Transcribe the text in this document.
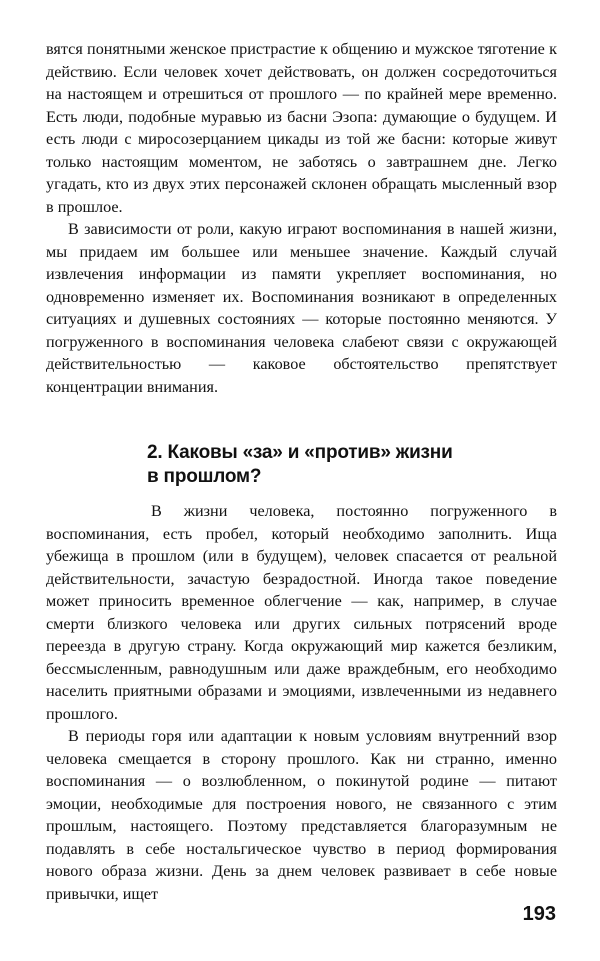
вятся понятными женское пристрастие к общению и мужское тяготение к действию. Если человек хочет действовать, он должен сосредоточиться на настоящем и отрешиться от прошлого — по крайней мере временно. Есть люди, подобные муравью из басни Эзопа: думающие о будущем. И есть люди с миросозерцанием цикады из той же басни: которые живут только настоящим моментом, не заботясь о завтрашнем дне. Легко угадать, кто из двух этих персонажей склонен обращать мысленный взор в прошлое.

В зависимости от роли, какую играют воспоминания в нашей жизни, мы придаем им большее или меньшее значение. Каждый случай извлечения информации из памяти укрепляет воспоминания, но одновременно изменяет их. Воспоминания возникают в определенных ситуациях и душевных состояниях — которые постоянно меняются. У погруженного в воспоминания человека слабеют связи с окружающей действительностью — каковое обстоятельство препятствует концентрации внимания.

2. Каковы «за» и «против» жизни
в прошлом?

В жизни человека, постоянно погруженного в воспоминания, есть пробел, который необходимо заполнить. Ища убежища в прошлом (или в будущем), человек спасается от реальной действительности, зачастую безрадостной. Иногда такое поведение может приносить временное облегчение — как, например, в случае смерти близкого человека или других сильных потрясений вроде переезда в другую страну. Когда окружающий мир кажется безликим, бессмысленным, равнодушным или даже враждебным, его необходимо населить приятными образами и эмоциями, извлеченными из недавнего прошлого.

В периоды горя или адаптации к новым условиям внутренний взор человека смещается в сторону прошлого. Как ни странно, именно воспоминания — о возлюбленном, о покинутой родине — питают эмоции, необходимые для построения нового, не связанного с этим прошлым, настоящего. Поэтому представляется благоразумным не подавлять в себе ностальгическое чувство в период формирования нового образа жизни. День за днем человек развивает в себе новые привычки, ищет

193
